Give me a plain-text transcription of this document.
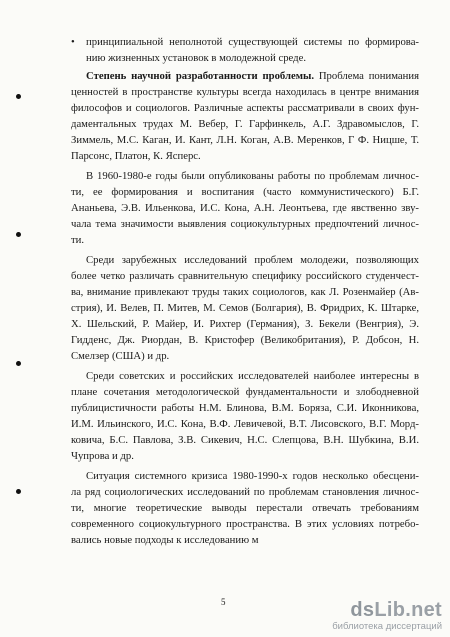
• принципиальной неполнотой существующей системы по формирова-
нию жизненных установок в молодежной среде.
Степень научной разработанности проблемы. Проблема понимания
ценностей в пространстве культуры всегда находилась в центре внимания
философов и социологов. Различные аспекты рассматривали в своих фун-
даментальных трудах М. Вебер, Г. Гарфинкель, А.Г. Здравомыслов, Г.
Зиммель, М.С. Каган, И. Кант, Л.Н. Коган, А.В. Меренков, Г Ф. Ницше, Т.
Парсонс, Платон, К. Ясперс.
В 1960-1980-е годы были опубликованы работы по проблемам личнос-
ти, ее формирования и воспитания (часто коммунистического) Б.Г.
Ананьева, Э.В. Ильенкова, И.С. Кона, А.Н. Леонтьева, где явственно зву-
чала тема значимости выявления социокультурных предпочтений личнос-
ти.
Среди зарубежных исследований проблем молодежи, позволяющих
более четко различать сравнительную специфику российского студенчест-
ва, внимание привлекают труды таких социологов, как Л. Розенмайер (Ав-
стрия), И. Велев, П. Митев, М. Семов (Болгария), В. Фридрих, К. Штарке,
Х. Шельский, Р. Майер, И. Рихтер (Германия), З. Бекели (Венгрия), Э.
Гидденс, Дж. Риордан, В. Кристофер (Великобритания), Р. Добсон, Н.
Смелзер (США) и др.
Среди советских и российских исследователей наиболее интересны в
плане сочетания методологической фундаментальности и злободневной
публицистичности работы Н.М. Блинова, В.М. Боряза, С.И. Иконникова,
И.М. Ильинского, И.С. Кона, В.Ф. Левичевой, В.Т. Лисовского, В.Г. Морд-
ковича, Б.С. Павлова, З.В. Сикевич, Н.С. Слепцова, В.Н. Шубкина, В.И.
Чупрова и др.
Ситуация системного кризиса 1980-1990-х годов несколько обесцени-
ла ряд социологических исследований по проблемам становления личнос-
ти, многие теоретические выводы перестали отвечать требованиям
современного социокультурного пространства. В этих условиях потребо-
вались новые подходы к исследованию м
5	dsLib.net
библиотека диссертаций
